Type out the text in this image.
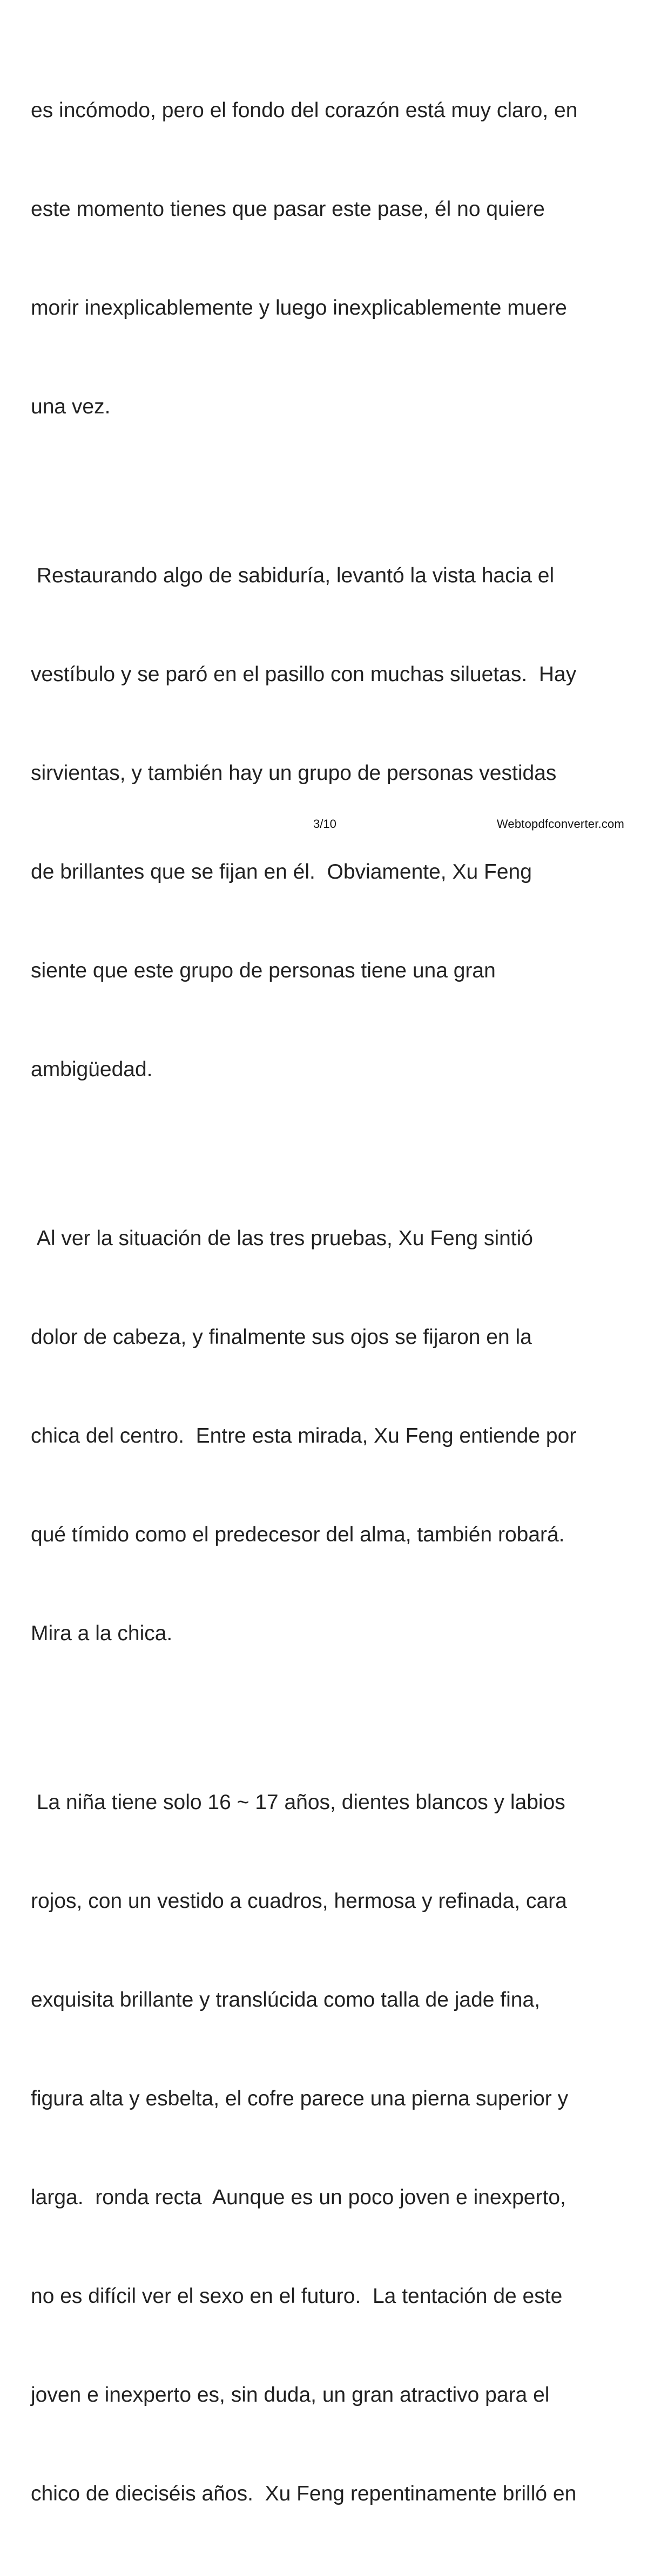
es incómodo, pero el fondo del corazón está muy claro, en

este momento tienes que pasar este pase, él no quiere

morir inexplicablemente y luego inexplicablemente muere

una vez.

Restaurando algo de sabiduría, levantó la vista hacia el

vestíbulo y se paró en el pasillo con muchas siluetas.  Hay

sirvientas, y también hay un grupo de personas vestidas

de brillantes que se fijan en él.  Obviamente, Xu Feng

siente que este grupo de personas tiene una gran

ambigüedad.

Al ver la situación de las tres pruebas, Xu Feng sintió

dolor de cabeza, y finalmente sus ojos se fijaron en la

chica del centro.  Entre esta mirada, Xu Feng entiende por

qué tímido como el predecesor del alma, también robará.

Mira a la chica.

La niña tiene solo 16 ~ 17 años, dientes blancos y labios

rojos, con un vestido a cuadros, hermosa y refinada, cara

exquisita brillante y translúcida como talla de jade fina,

figura alta y esbelta, el cofre parece una pierna superior y

larga.  ronda recta  Aunque es un poco joven e inexperto,

no es difícil ver el sexo en el futuro.  La tentación de este

joven e inexperto es, sin duda, un gran atractivo para el

chico de dieciséis años.  Xu Feng repentinamente brilló en

3/10	Webtopdfconverter.com
